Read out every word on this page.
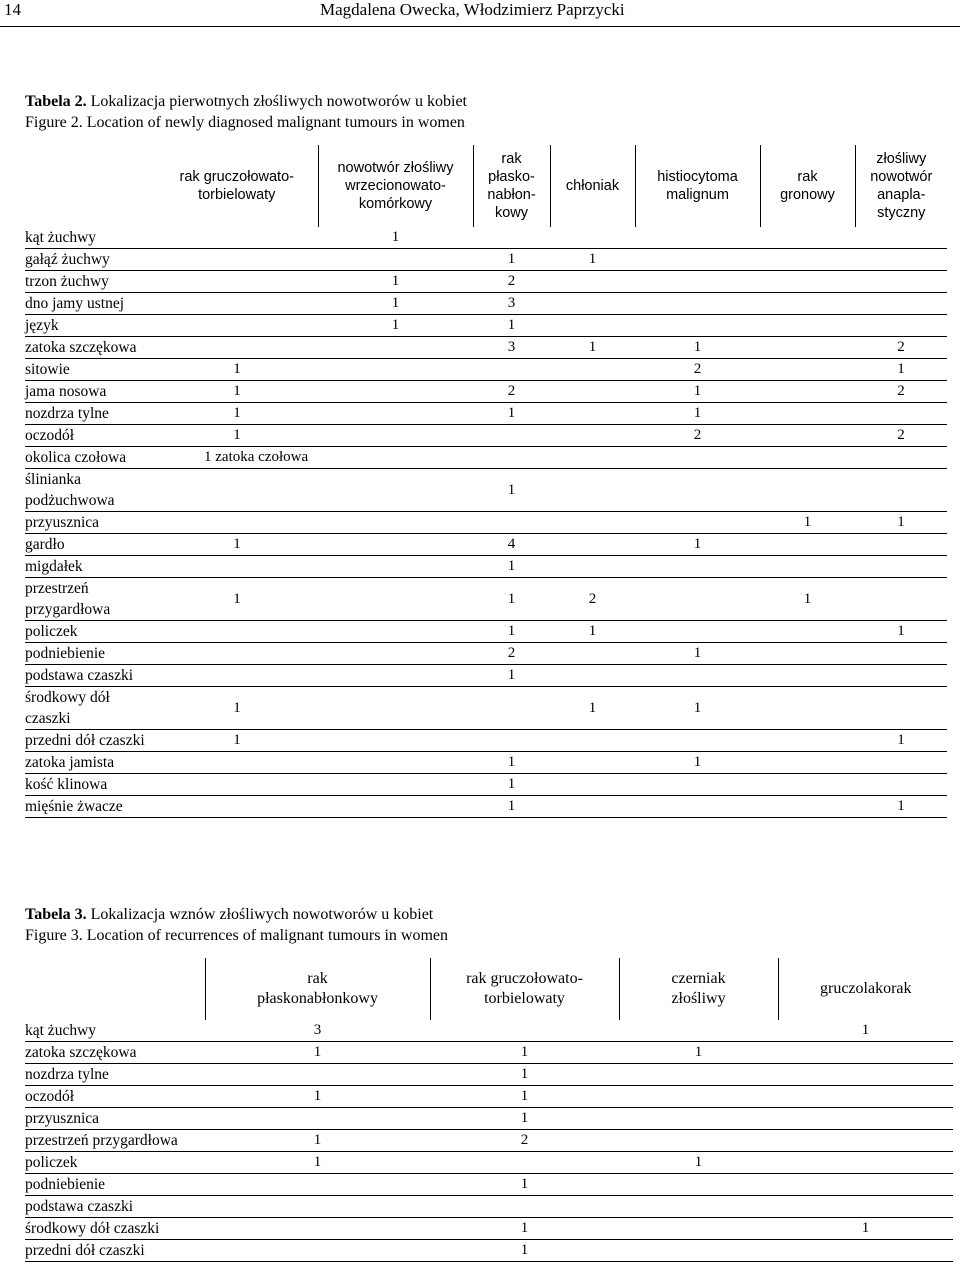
14	Magdalena Owecka, Włodzimierz Paprzycki
Tabela 2. Lokalizacja pierwotnych złośliwych nowotworów u kobiet
Figure 2. Location of newly diagnosed malignant tumours in women

	rak gruczołowato-torbielowaty	nowotwór złośliwy wrzecionowato-komórkowy	rak płasko-nabłon-kowy	chłoniak	histiocytoma malignum	rak gronowy	złośliwy nowotwór anapla-styczny

kąt żuchwy		1					
gałąź żuchwy			1	1			
trzon żuchwy		1	2				
dno jamy ustnej		1	3				
język		1	1				
zatoka szczękowa			3	1	1		2
sitowie	1				2		1
jama nosowa	1		2		1		2
nozdrza tylne	1		1		1		
oczodół	1				2		2
okolica czołowa	1 zatoka czołowa						
ślinianka podżuchwowa			1				
przyusznica						1	1
gardło	1		4		1		
migdałek			1				
przestrzeń przygardłowa	1		1	2		1	
policzek			1	1			1
podniebienie			2		1		
podstawa czaszki			1				
środkowy dół czaszki	1			1	1		
przedni dół czaszki	1						1
zatoka jamista			1		1		
kość klinowa			1				
mięśnie żwacze			1				1
Tabela 3. Lokalizacja wznów złośliwych nowotworów u kobiet
Figure 3. Location of recurrences of malignant tumours in women

	rak płaskonabłonkowy	rak gruczołowato-torbielowaty	czerniak złośliwy	gruczolakorak

kąt żuchwy	3			1
zatoka szczękowa	1	1	1	
nozdrza tylne		1		
oczodół	1	1		
przyusznica		1		
przestrzeń przygardłowa	1	2		
policzek	1		1	
podniebienie		1		
podstawa czaszki				
środkowy dół czaszki		1		1
przedni dół czaszki		1		
